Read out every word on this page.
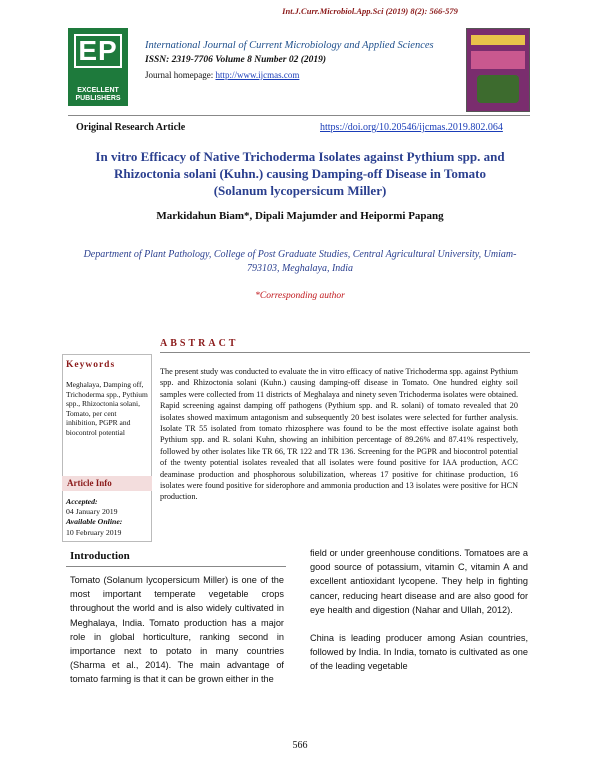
Int.J.Curr.Microbiol.App.Sci (2019) 8(2): 566-579
EP
EXCELLENT PUBLISHERS
International Journal of Current Microbiology and Applied Sciences
ISSN: 2319-7706 Volume 8 Number 02 (2019)
Journal homepage: http://www.ijcmas.com
Original Research Article	https://doi.org/10.20546/ijcmas.2019.802.064
In vitro Efficacy of Native Trichoderma Isolates against Pythium spp. and
Rhizoctonia solani (Kuhn.) causing Damping-off Disease in Tomato
(Solanum lycopersicum Miller)
Markidahun Biam*, Dipali Majumder and Heipormi Papang
Department of Plant Pathology, College of Post Graduate Studies, Central Agricultural University, Umiam-793103, Meghalaya, India
*Corresponding author
ABSTRACT
Keywords
Meghalaya, Damping off, Trichoderma spp., Pythium spp., Rhizoctonia solani, Tomato, per cent inhibition, PGPR and biocontrol potential
Article Info
Accepted:
04 January 2019
Available Online:
10 February 2019
The present study was conducted to evaluate the in vitro efficacy of native Trichoderma spp. against Pythium spp. and Rhizoctonia solani (Kuhn.) causing damping-off disease in Tomato. One hundred eighty soil samples were collected from 11 districts of Meghalaya and ninety seven Trichoderma isolates were obtained. Rapid screening against damping off pathogens (Pythium spp. and R. solani) of tomato revealed that 20 isolates showed maximum antagonism and subsequently 20 best isolates were selected for further analysis. Isolate TR 55 isolated from tomato rhizosphere was found to be the most effective isolate against both Pythium spp. and R. solani Kuhn, showing an inhibition percentage of 89.26% and 87.41% respectively, followed by other isolates like TR 66, TR 122 and TR 136. Screening for the PGPR and biocontrol potential of the twenty potential isolates revealed that all isolates were found positive for IAA production, ACC deaminase production and phosphorous solubilization, whereas 17 positive for chitinase production, 16 isolates were found positive for siderophore and ammonia production and 13 isolates were positive for HCN production.
Introduction
Tomato (Solanum lycopersicum Miller) is one of the most important temperate vegetable crops throughout the world and is also widely cultivated in Meghalaya, India. Tomato production has a major role in global horticulture, ranking second in importance next to potato in many countries (Sharma et al., 2014). The main advantage of tomato farming is that it can be grown either in the
field or under greenhouse conditions. Tomatoes are a good source of potassium, vitamin C, vitamin A and excellent antioxidant lycopene. They help in fighting cancer, reducing heart disease and are also good for eye health and digestion (Nahar and Ullah, 2012).
China is leading producer among Asian countries, followed by India. In India, tomato is cultivated as one of the leading vegetable
566
